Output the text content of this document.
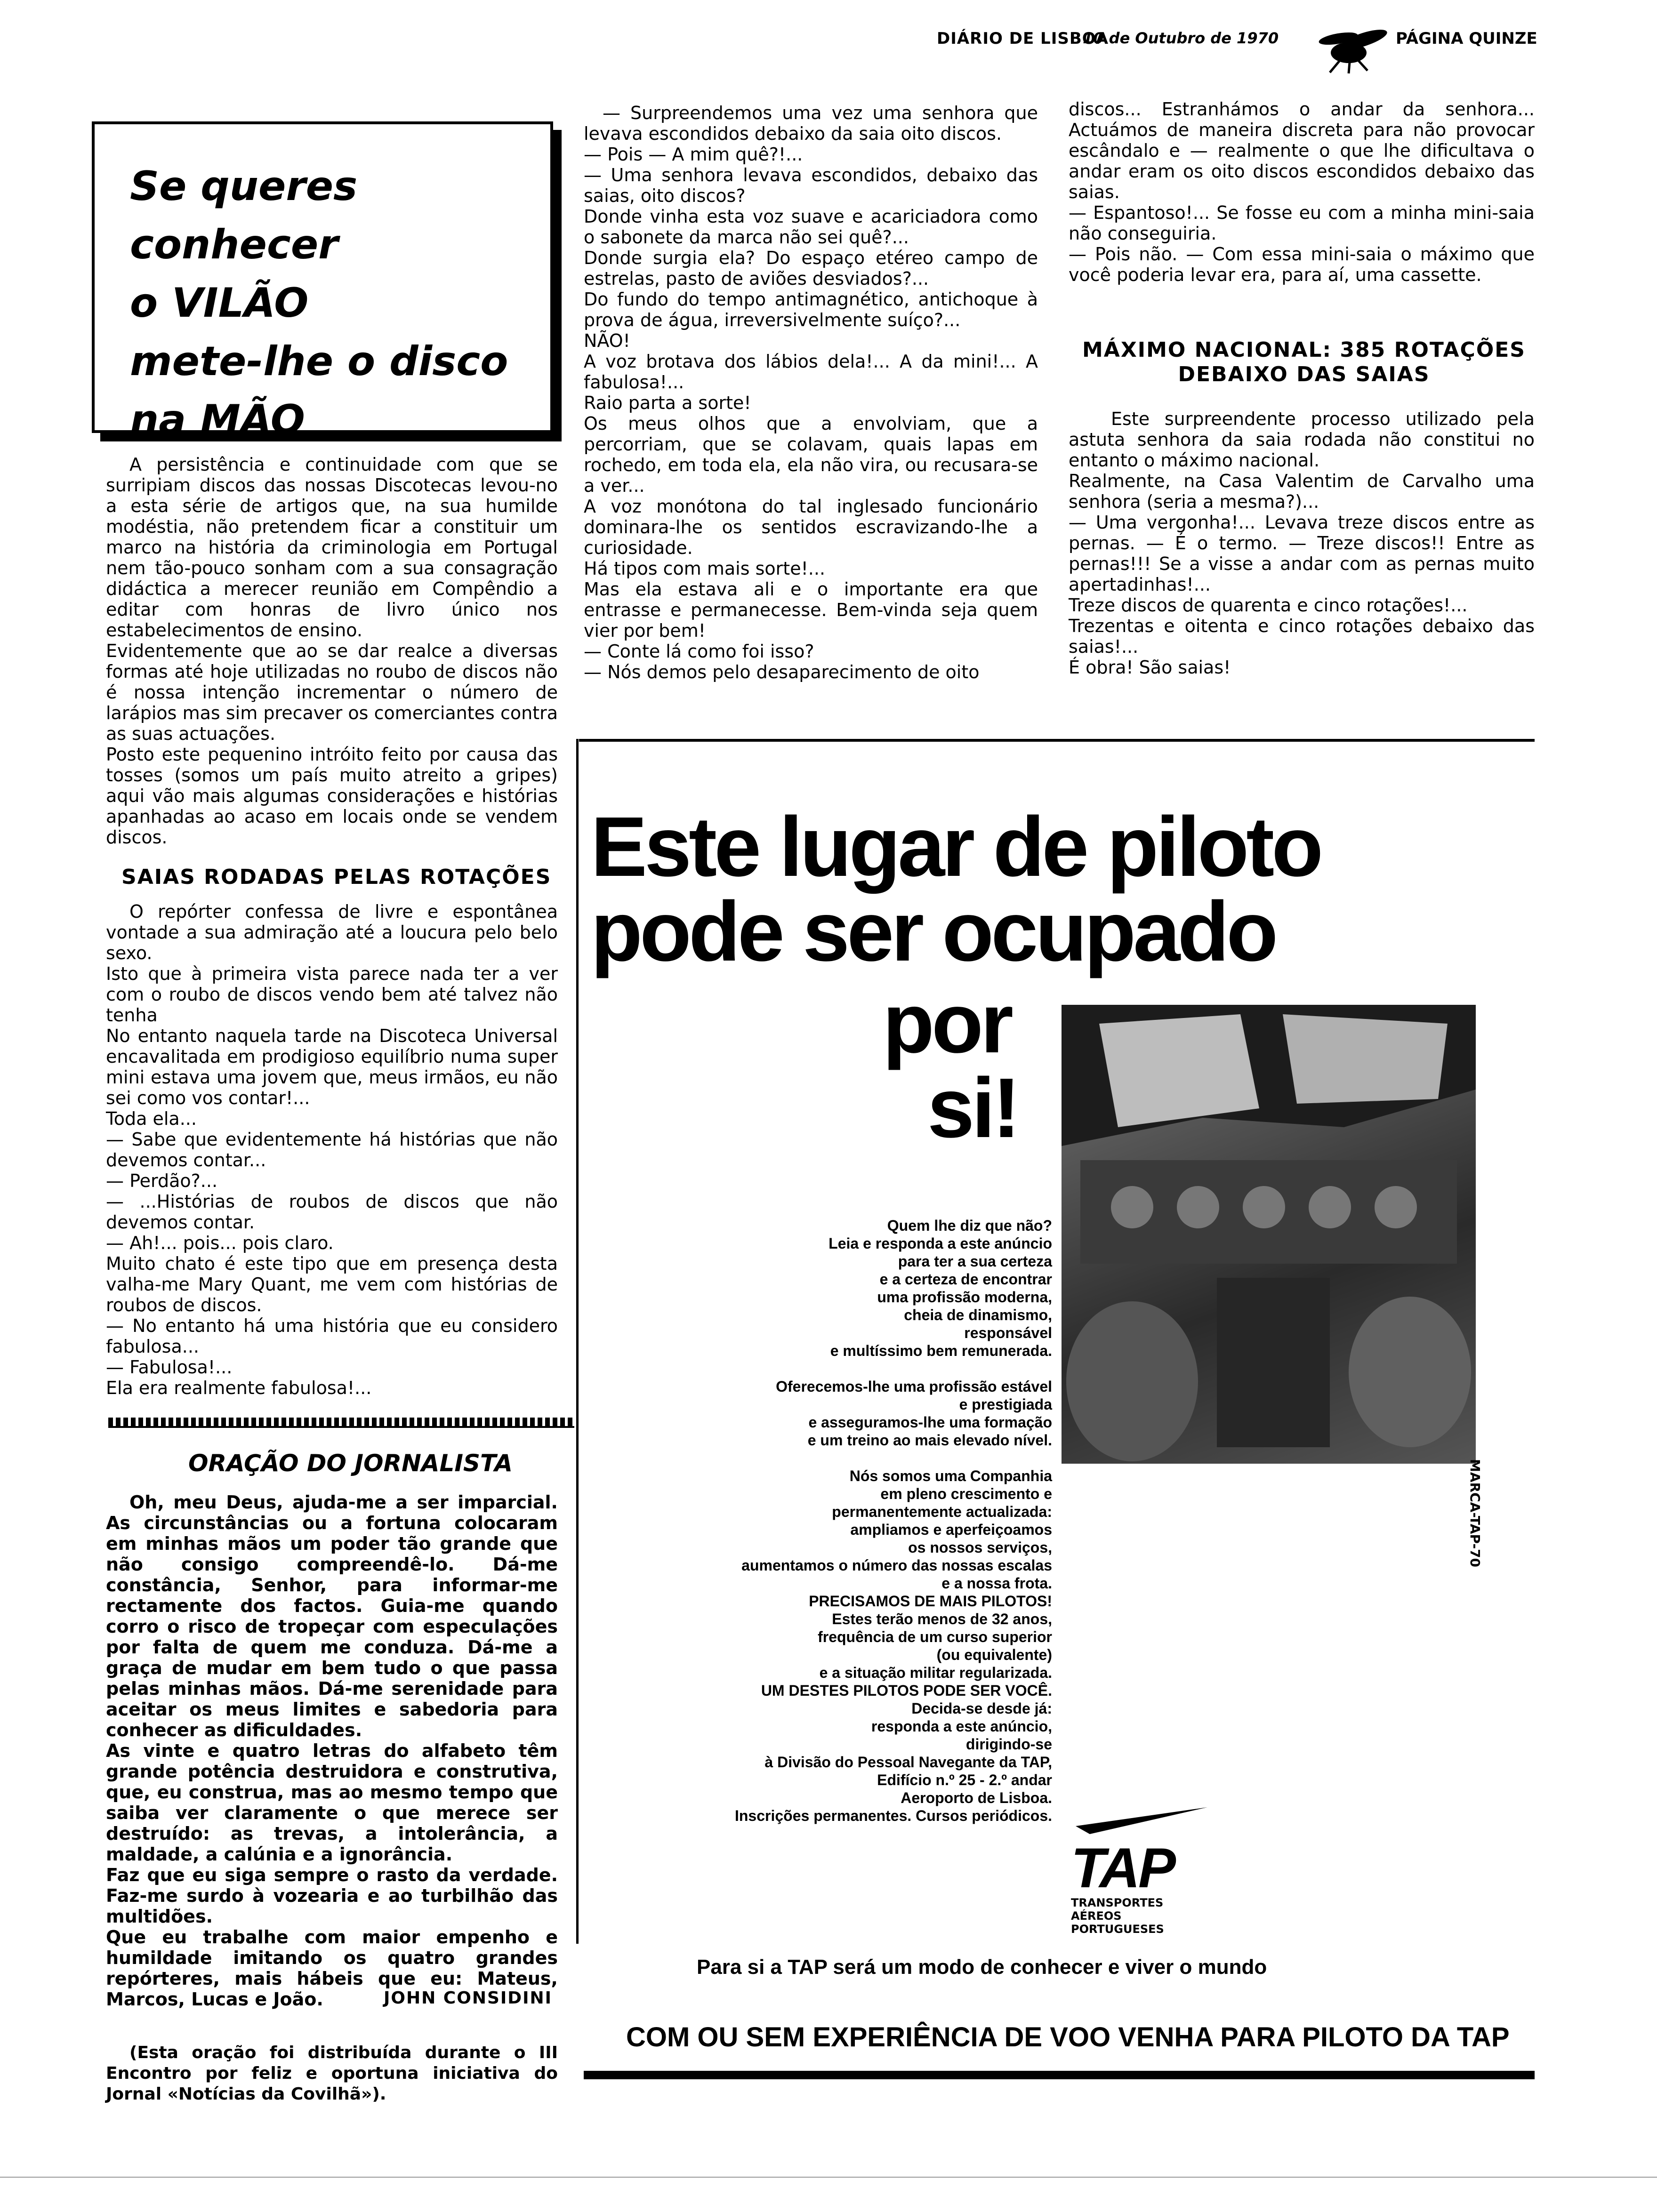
DIÁRIO DE LISBOA
10 de Outubro de 1970	PÁGINA QUINZE
Se queres conhecer
o VILÃO
mete-lhe o disco
na MÃO

A persistência e continuidade com que se surripiam discos das nossas Discotecas levou-no a esta série de artigos que, na sua humilde modéstia, não pretendem ficar a constituir um marco na história da criminologia em Portugal nem tão-pouco sonham com a sua consagração didáctica a merecer reunião em Compêndio a editar com honras de livro único nos estabelecimentos de ensino.
Evidentemente que ao se dar realce a diversas formas até hoje utilizadas no roubo de discos não é nossa intenção incrementar o número de larápios mas sim precaver os comerciantes contra as suas actuações.
Posto este pequenino intróito feito por causa das tosses (somos um país muito atreito a gripes) aqui vão mais algumas considerações e histórias apanhadas ao acaso em locais onde se vendem discos.

SAIAS RODADAS PELAS ROTAÇÕES

O repórter confessa de livre e espontânea vontade a sua admiração até a loucura pelo belo sexo.
Isto que à primeira vista parece nada ter a ver com o roubo de discos vendo bem até talvez não tenha
No entanto naquela tarde na Discoteca Universal encavalitada em prodigioso equilíbrio numa super mini estava uma jovem que, meus irmãos, eu não sei como vos contar!...
Toda ela...
— Sabe que evidentemente há histórias que não devemos contar...
— Perdão?...
— ...Histórias de roubos de discos que não devemos contar.
— Ah!... pois... pois claro.
Muito chato é este tipo que em presença desta valha-me Mary Quant, me vem com histórias de roubos de discos.
— No entanto há uma história que eu considero fabulosa...
— Fabulosa!...
Ela era realmente fabulosa!...

ORAÇÃO DO JORNALISTA

Oh, meu Deus, ajuda-me a ser imparcial. As circunstâncias ou a fortuna colocaram em minhas mãos um poder tão grande que não consigo compreendê-lo. Dá-me constância, Senhor, para informar-me rectamente dos factos. Guia-me quando corro o risco de tropeçar com especulações por falta de quem me conduza. Dá-me a graça de mudar em bem tudo o que passa pelas minhas mãos. Dá-me serenidade para aceitar os meus limites e sabedoria para conhecer as dificuldades.
As vinte e quatro letras do alfabeto têm grande potência destruidora e construtiva, que, eu construa, mas ao mesmo tempo que saiba ver claramente o que merece ser destruído: as trevas, a intolerância, a maldade, a calúnia e a ignorância.
Faz que eu siga sempre o rasto da verdade. Faz-me surdo à vozearia e ao turbilhão das multidões.
Que eu trabalhe com maior empenho e humildade imitando os quatro grandes repórteres, mais hábeis que eu: Mateus, Marcos, Lucas e João.	JOHN CONSIDINI

(Esta oração foi distribuída durante o III Encontro por feliz e oportuna iniciativa do Jornal «Notícias da Covilhã»).

— Surpreendemos uma vez uma senhora que levava escondidos debaixo da saia oito discos.
— Pois — A mim quê?!...
— Uma senhora levava escondidos, debaixo das saias, oito discos?
Donde vinha esta voz suave e acariciadora como o sabonete da marca não sei quê?...
Donde surgia ela? Do espaço etéreo campo de estrelas, pasto de aviões desviados?...
Do fundo do tempo antimagnético, antichoque à prova de água, irreversivelmente suíço?...
NÃO!
A voz brotava dos lábios dela!... A da mini!... A fabulosa!...
Raio parta a sorte!
Os meus olhos que a envolviam, que a percorriam, que se colavam, quais lapas em rochedo, em toda ela, ela não vira, ou recusara-se a ver...
A voz monótona do tal inglesado funcionário dominara-lhe os sentidos escravizando-lhe a curiosidade.
Há tipos com mais sorte!...
Mas ela estava ali e o importante era que entrasse e permanecesse. Bem-vinda seja quem vier por bem!
— Conte lá como foi isso?
— Nós demos pelo desaparecimento de oito

discos... Estranhámos o andar da senhora... Actuámos de maneira discreta para não provocar escândalo e — realmente o que lhe dificultava o andar eram os oito discos escondidos debaixo das saias.
— Espantoso!... Se fosse eu com a minha mini-saia não conseguiria.
— Pois não. — Com essa mini-saia o máximo que você poderia levar era, para aí, uma cassette.

MÁXIMO NACIONAL: 385 ROTAÇÕES
DEBAIXO DAS SAIAS

Este surpreendente processo utilizado pela astuta senhora da saia rodada não constitui no entanto o máximo nacional.
Realmente, na Casa Valentim de Carvalho uma senhora (seria a mesma?)...
— Uma vergonha!... Levava treze discos entre as pernas. — É o termo. — Treze discos!! Entre as pernas!!! Se a visse a andar com as pernas muito apertadinhas!...
Treze discos de quarenta e cinco rotações!...
Trezentas e oitenta e cinco rotações debaixo das saias!...
É obra! São saias!

Este lugar de piloto
pode ser ocupado
por
si!
Quem lhe diz que não?
Leia e responda a este anúncio
para ter a sua certeza
e a certeza de encontrar
uma profissão moderna,
cheia de dinamismo,
responsável
e multíssimo bem remunerada.

Oferecemos-lhe uma profissão estável
e prestigiada
e asseguramos-lhe uma formação
e um treino ao mais elevado nível.

Nós somos uma Companhia
em pleno crescimento e
permanentemente actualizada:
ampliamos e aperfeiçoamos
os nossos serviços,
aumentamos o número das nossas escalas
e a nossa frota.
PRECISAMOS DE MAIS PILOTOS!
Estes terão menos de 32 anos,
frequência de um curso superior
(ou equivalente)
e a situação militar regularizada.
UM DESTES PILOTOS PODE SER VOCÊ.
Decida-se desde já:
responda a este anúncio,
dirigindo-se
à Divisão do Pessoal Navegante da TAP,
Edifício n.º 25 - 2.º andar
Aeroporto de Lisboa.
Inscrições permanentes. Cursos periódicos.
MARCA-TAP-70
TAP
TRANSPORTES
AÉREOS
PORTUGUESES
Para si a TAP será um modo de conhecer e viver o mundo
COM OU SEM EXPERIÊNCIA DE VOO VENHA PARA PILOTO DA TAP
